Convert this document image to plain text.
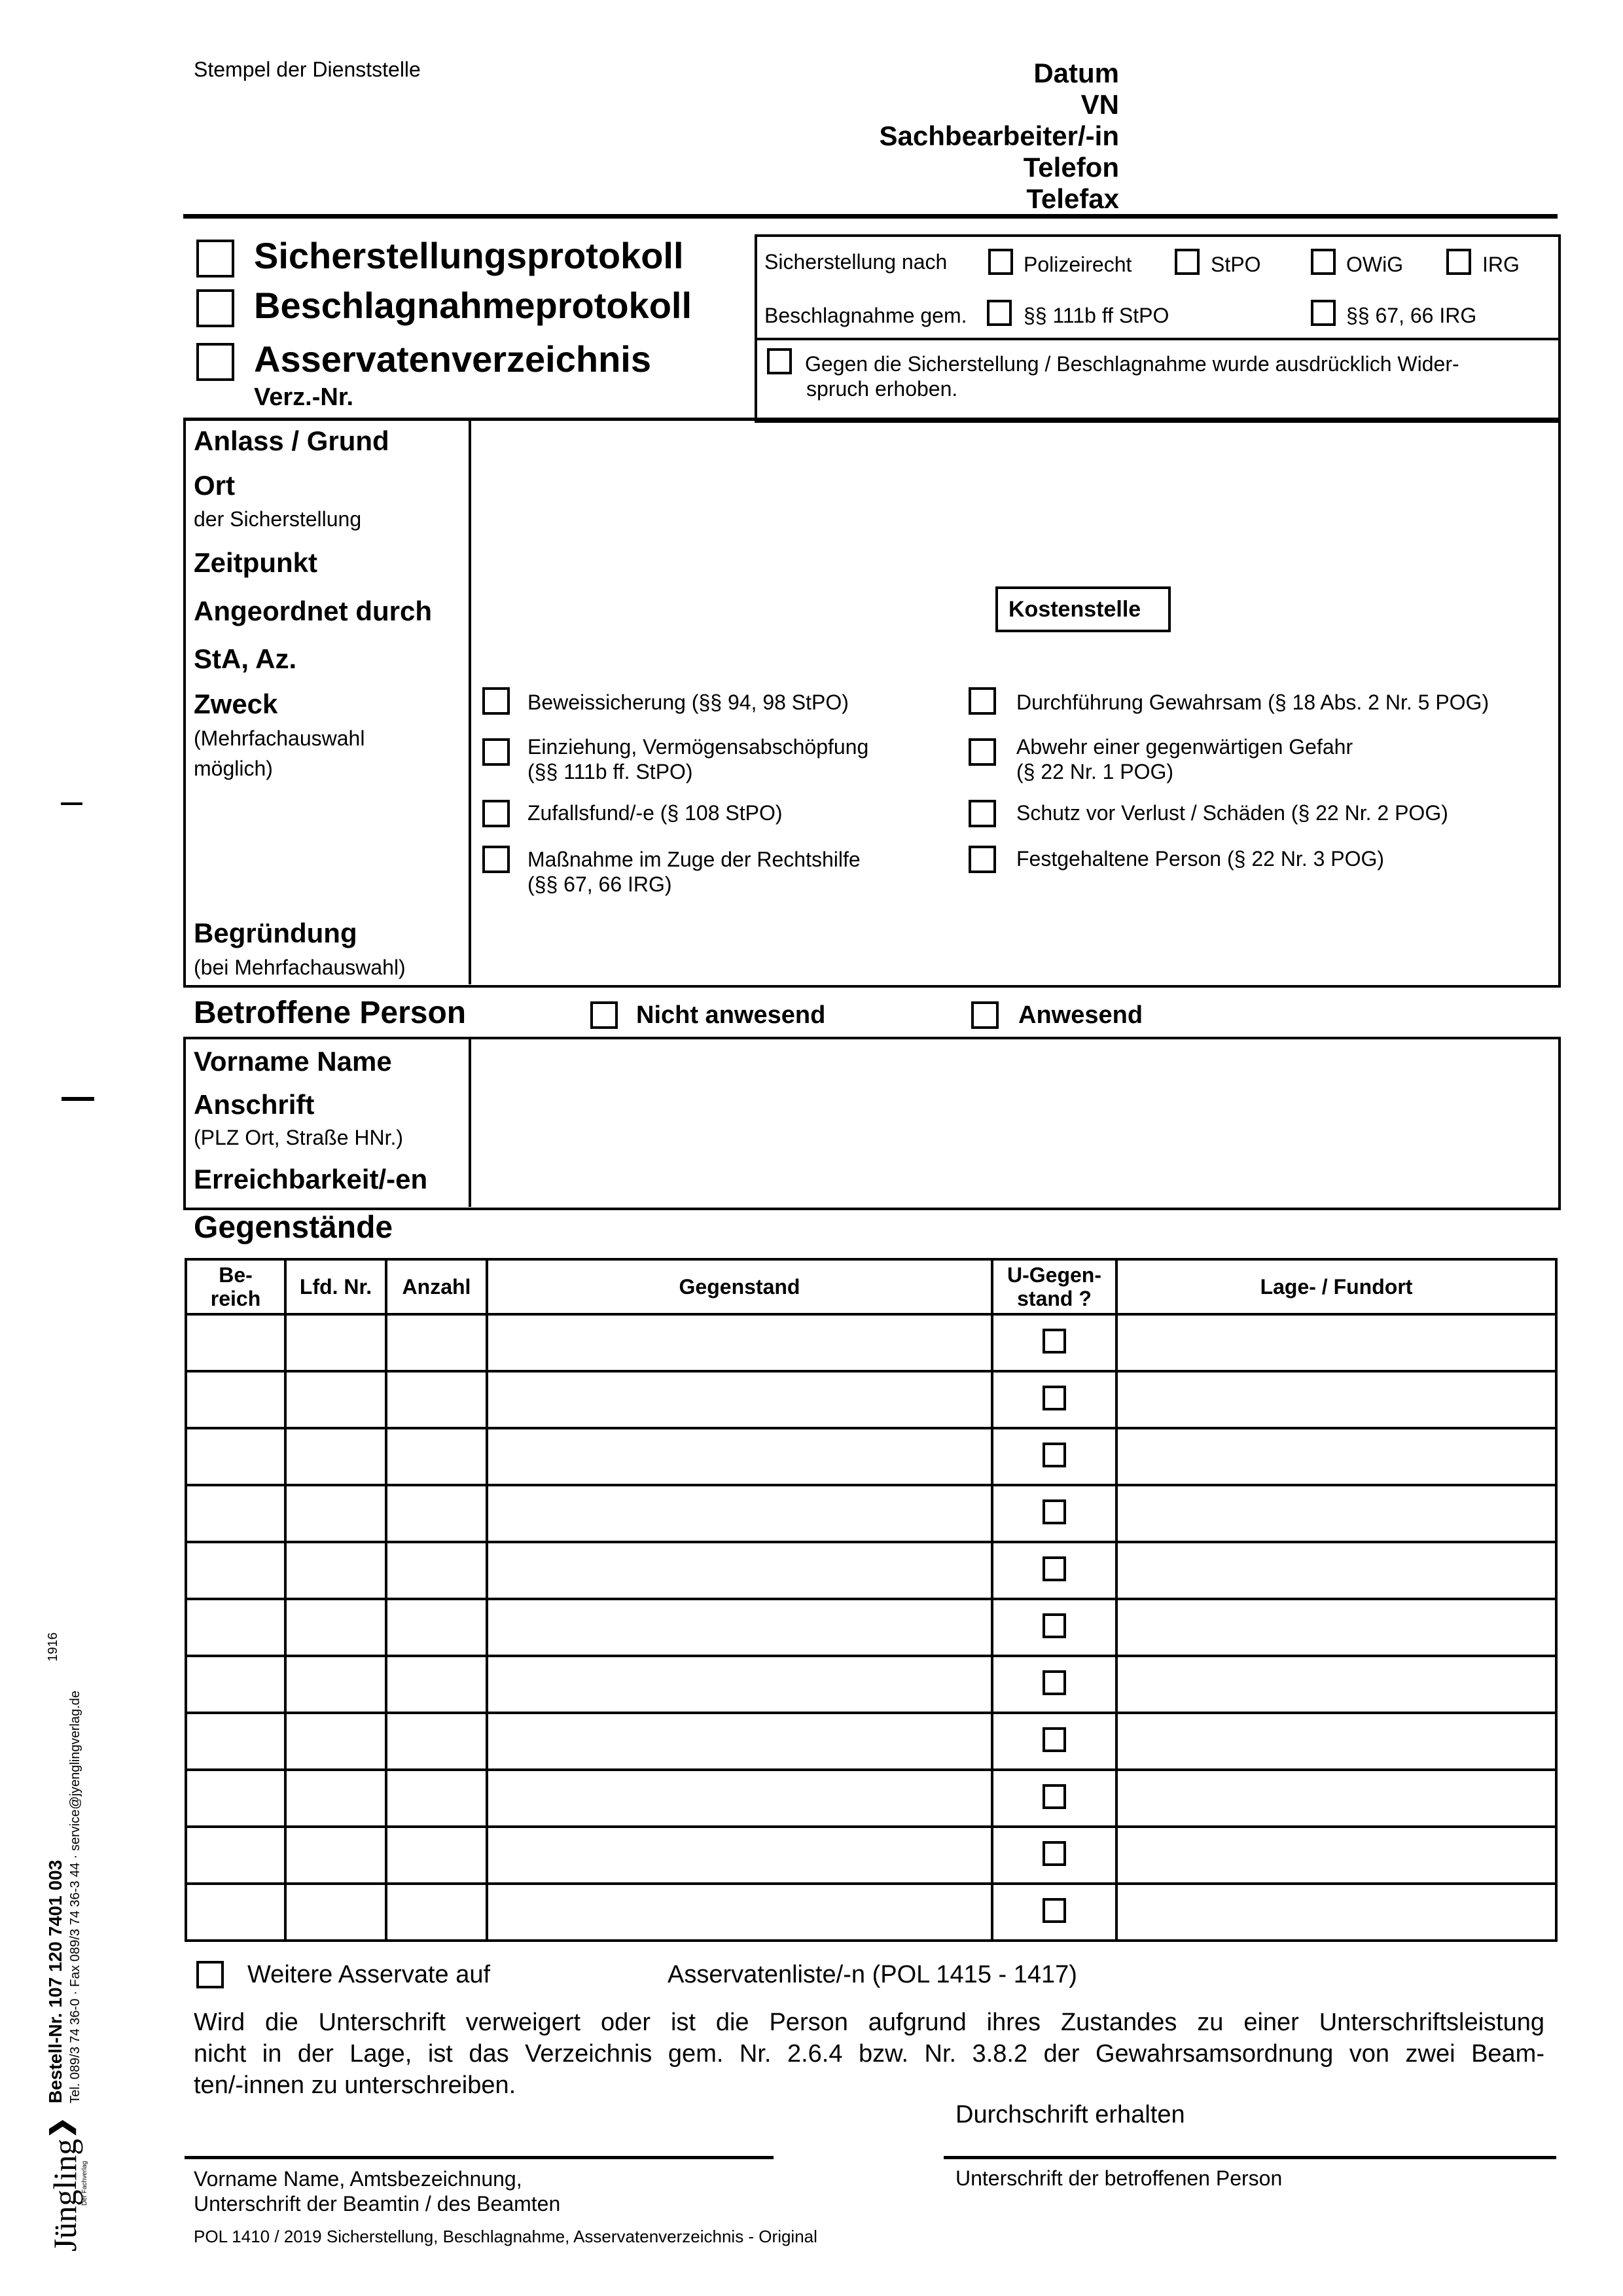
Stempel der Dienststelle	Datum
VN
Sachbearbeiter/-in
Telefon
Telefax
Sicherstellungsprotokoll
Beschlagnahmeprotokoll
Asservatenverzeichnis
Verz.-Nr.
Sicherstellung nach	Polizeirecht	StPO	OWiG	IRG
Beschlagnahme gem.	§§ 111b ff StPO	§§ 67, 66 IRG
Gegen die Sicherstellung / Beschlagnahme wurde ausdrücklich Wider-
spruch erhoben.
Anlass / Grund
Ort
der Sicherstellung
Zeitpunkt
Angeordnet durch
StA, Az.
Kostenstelle
Zweck
(Mehrfachauswahl
möglich)
Beweissicherung (§§ 94, 98 StPO)
Einziehung, Vermögensabschöpfung
(§§ 111b ff. StPO)
Zufallsfund/-e (§ 108 StPO)
Maßnahme im Zuge der Rechtshilfe
(§§ 67, 66 IRG)
Durchführung Gewahrsam (§ 18 Abs. 2 Nr. 5 POG)
Abwehr einer gegenwärtigen Gefahr
(§ 22 Nr. 1 POG)
Schutz vor Verlust / Schäden (§ 22 Nr. 2 POG)
Festgehaltene Person (§ 22 Nr. 3 POG)
Begründung
(bei Mehrfachauswahl)
Betroffene Person	Nicht anwesend	Anwesend
Vorname Name
Anschrift
(PLZ Ort, Straße HNr.)
Erreichbarkeit/-en
Gegenstände
Be-
reich	Lfd. Nr.	Anzahl	Gegenstand	U-Gegen-
stand ?	Lage- / Fundort

Weitere Asservate auf	Asservatenliste/-n (POL 1415 - 1417)
Wird die Unterschrift verweigert oder ist die Person aufgrund ihres Zustandes zu einer Unterschriftsleistung
nicht in der Lage, ist das Verzeichnis gem. Nr. 2.6.4 bzw. Nr. 3.8.2 der Gewahrsamsordnung von zwei Beam-
ten/-innen zu unterschreiben.
Durchschrift erhalten
Vorname Name, Amtsbezeichnung,
Unterschrift der Beamtin / des Beamten
Unterschrift der betroffenen Person
POL 1410 / 2019 Sicherstellung, Beschlagnahme, Asservatenverzeichnis - Original
Jüngling❯
Bestell-Nr. 107 120 7401 003 Tel. 089/3 74 36-0 · Fax 089/3 74 36-3 44 · service@jyenglingverlag.de
1916
Der Fachverlag
